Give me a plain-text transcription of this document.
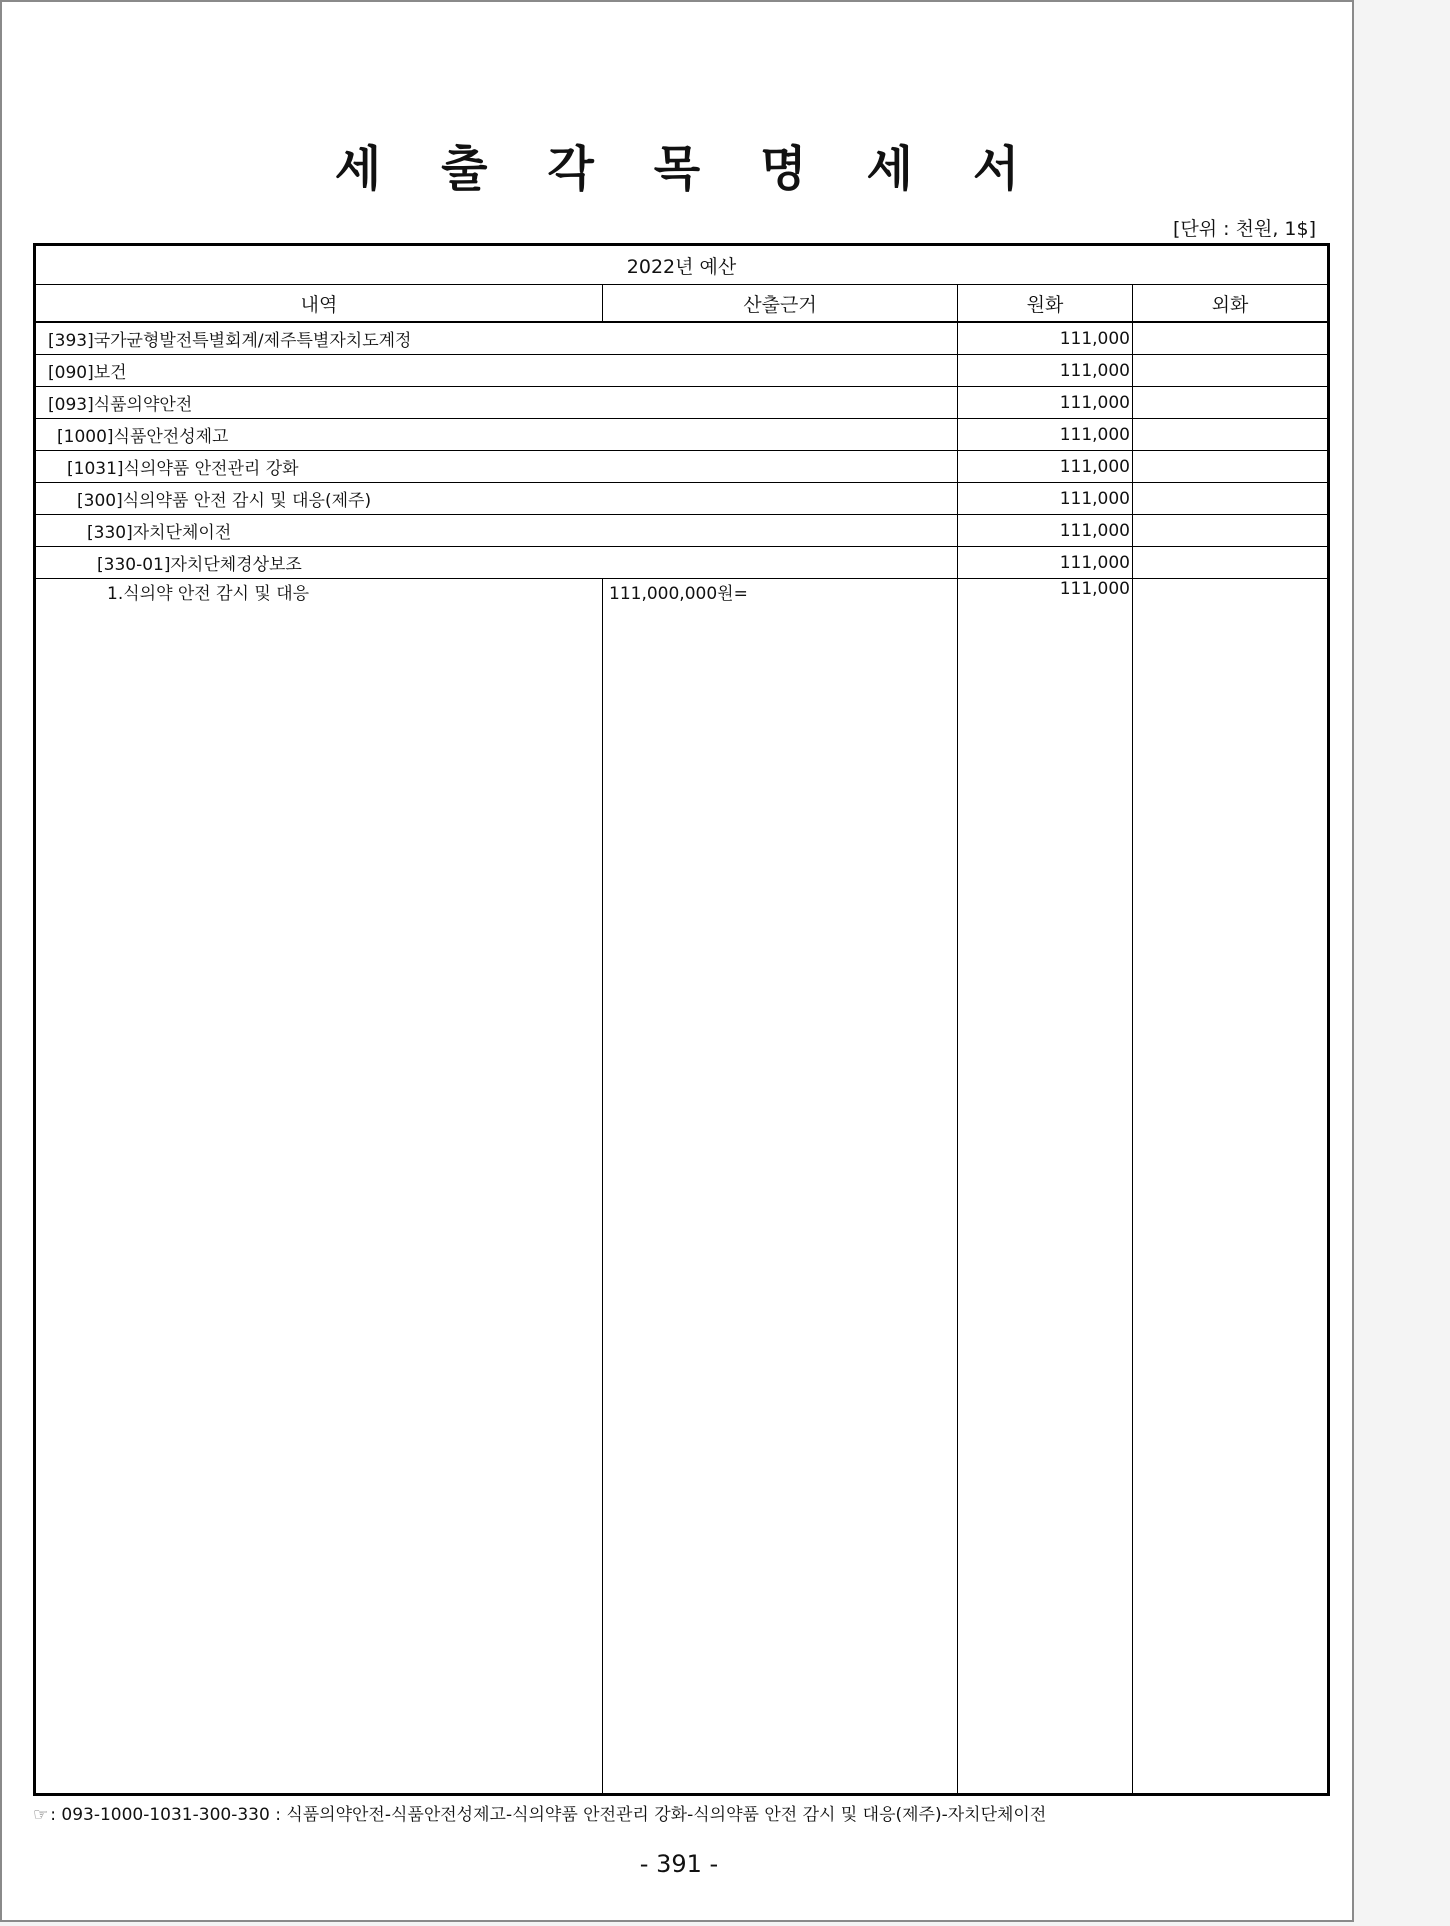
세출각목명세서
[단위 : 천원, 1$]
2022년 예산			
내역	산출근거	원화	외화
[393]국가균형발전특별회계/제주특별자치도계정		111,000	
[090]보건		111,000	
[093]식품의약안전		111,000	
[1000]식품안전성제고		111,000	
[1031]식의약품 안전관리 강화		111,000	
[300]식의약품 안전 감시 및 대응(제주)		111,000	
[330]자치단체이전		111,000	
[330-01]자치단체경상보조		111,000	
1.식의약 안전 감시 및 대응	111,000,000원=	111,000	
☞ : 093-1000-1031-300-330 : 식품의약안전-식품안전성제고-식의약품 안전관리 강화-식의약품 안전 감시 및 대응(제주)-자치단체이전
- 391 -
